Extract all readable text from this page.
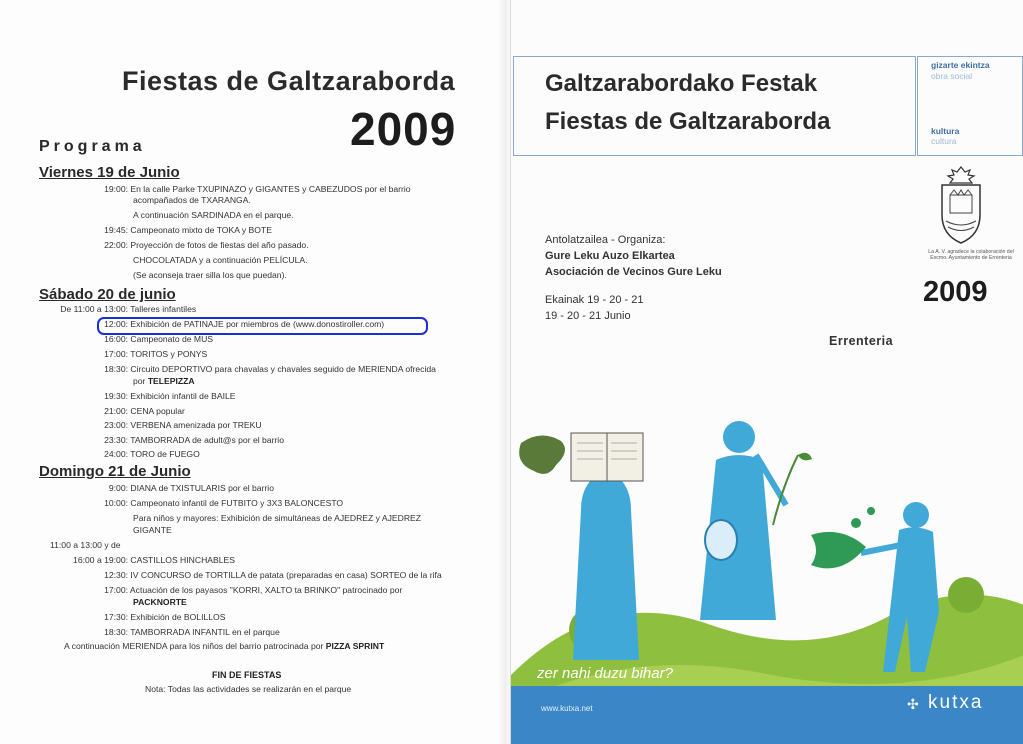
Fiestas de Galtzaraborda
2009
Programa
Viernes 19 de Junio
Sábado 20 de junio
Domingo 21 de Junio
19:00: En la calle Parke TXUPINAZO y GIGANTES y CABEZUDOS por el barrio
acompañados de TXARANGA.
A continuación SARDINADA en el parque.
19:45: Campeonato mixto de TOKA y BOTE
22:00: Proyección de fotos de fiestas del año pasado.
CHOCOLATADA y a continuación PELÍCULA.
(Se aconseja traer silla los que puedan).
De 11:00 a 13:00: Talleres infantiles
12:00: Exhibición de PATINAJE por miembros de (www.donostiroller.com)
16:00: Campeonato de MUS
17:00: TORITOS y PONYS
18:30: Circuito DEPORTIVO para chavalas y chavales seguido de MERIENDA ofrecida
por TELEPIZZA
19:30: Exhibición infantil de BAILE
21:00: CENA popular
23:00: VERBENA amenizada por TREKU
23:30: TAMBORRADA de adult@s por el barrio
24:00: TORO de FUEGO
9:00: DIANA de TXISTULARIS por el barrio
10:00: Campeonato infantil de FUTBITO y 3X3 BALONCESTO
Para niños y mayores: Exhibición de simultáneas de AJEDREZ y AJEDREZ
GIGANTE
11:00 a 13:00 y de
16:00 a 19:00: CASTILLOS HINCHABLES
12:30: IV CONCURSO de TORTILLA de patata (preparadas en casa) SORTEO de la rifa
17:00: Actuación de los payasos "KORRI, XALTO ta BRINKO" patrocinado por
PACKNORTE
17:30: Exhibición de BOLILLOS
18:30: TAMBORRADA INFANTIL en el parque
A continuación MERIENDA para los niños del barrio patrocinada por PIZZA SPRINT
FIN DE FIESTAS
Nota: Todas las actividades se realizarán en el parque
Galtzarabordako Festak
Fiestas de Galtzaraborda
gizarte ekintza
obra social
kultura
cultura
Antolatzailea - Organiza:
Gure Leku Auzo Elkartea
Asociación de Vecinos Gure Leku
Ekainak 19 - 20 - 21
19 - 20 - 21 Junio
La A. V. agradece la colaboración del Excmo. Ayuntamiento de Errenteria
2009
Errenteria
zer nahi duzu bihar?
www.kutxa.net	✣ kutxa
